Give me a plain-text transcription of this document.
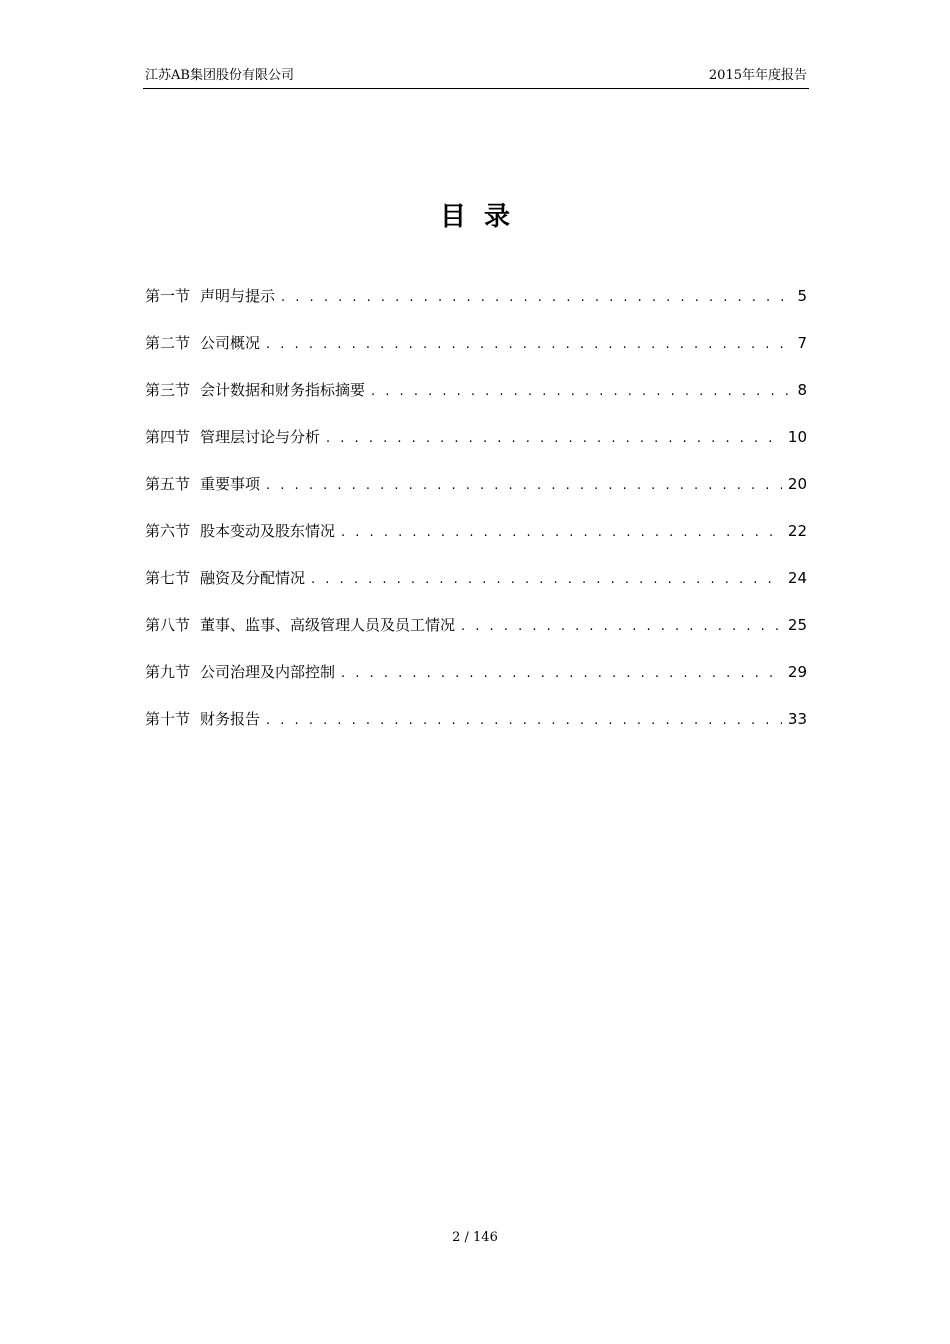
江苏AB集团股份有限公司	2015年年度报告
目录
第一节 声明与提示 . . .	5
第二节 公司概况 . . .	7
第三节 会计数据和财务指标摘要 . . .	8
第四节 管理层讨论与分析 . . .	10
第五节 重要事项 . . .	20
第六节 股本变动及股东情况 . . .	22
第七节 融资及分配情况 . . .	24
第八节 董事、监事、高级管理人员及员工情况 . . .	25
第九节 公司治理及内部控制 . . .	29
第十节 财务报告 . . .	33
2 / 146
